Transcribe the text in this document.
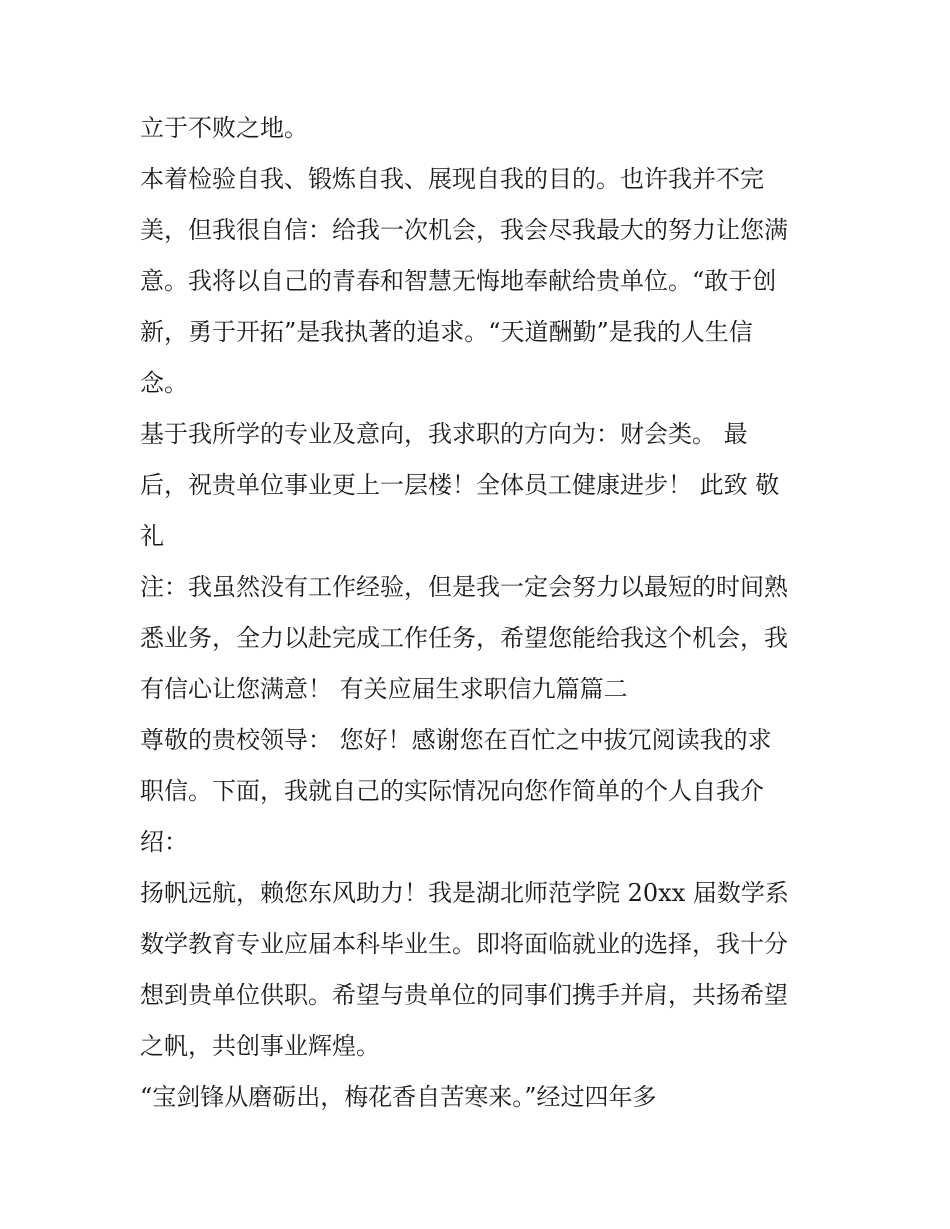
立于不败之地。
本着检验自我、锻炼自我、展现自我的目的。也许我并不完
美，但我很自信：给我一次机会，我会尽我最大的努力让您满
意。我将以自己的青春和智慧无悔地奉献给贵单位。“敢于创
新，勇于开拓”是我执著的追求。“天道酬勤”是我的人生信
念。
基于我所学的专业及意向，我求职的方向为：财会类。 最
后，祝贵单位事业更上一层楼！全体员工健康进步！ 此致 敬
礼
注：我虽然没有工作经验，但是我一定会努力以最短的时间熟
悉业务，全力以赴完成工作任务，希望您能给我这个机会，我
有信心让您满意！ 有关应届生求职信九篇篇二
尊敬的贵校领导： 您好！感谢您在百忙之中拔冗阅读我的求
职信。下面，我就自己的实际情况向您作简单的个人自我介
绍：
扬帆远航，赖您东风助力！我是湖北师范学院 20xx 届数学系
数学教育专业应届本科毕业生。即将面临就业的选择，我十分
想到贵单位供职。希望与贵单位的同事们携手并肩，共扬希望
之帆，共创事业辉煌。
“宝剑锋从磨砺出，梅花香自苦寒来。”经过四年多
